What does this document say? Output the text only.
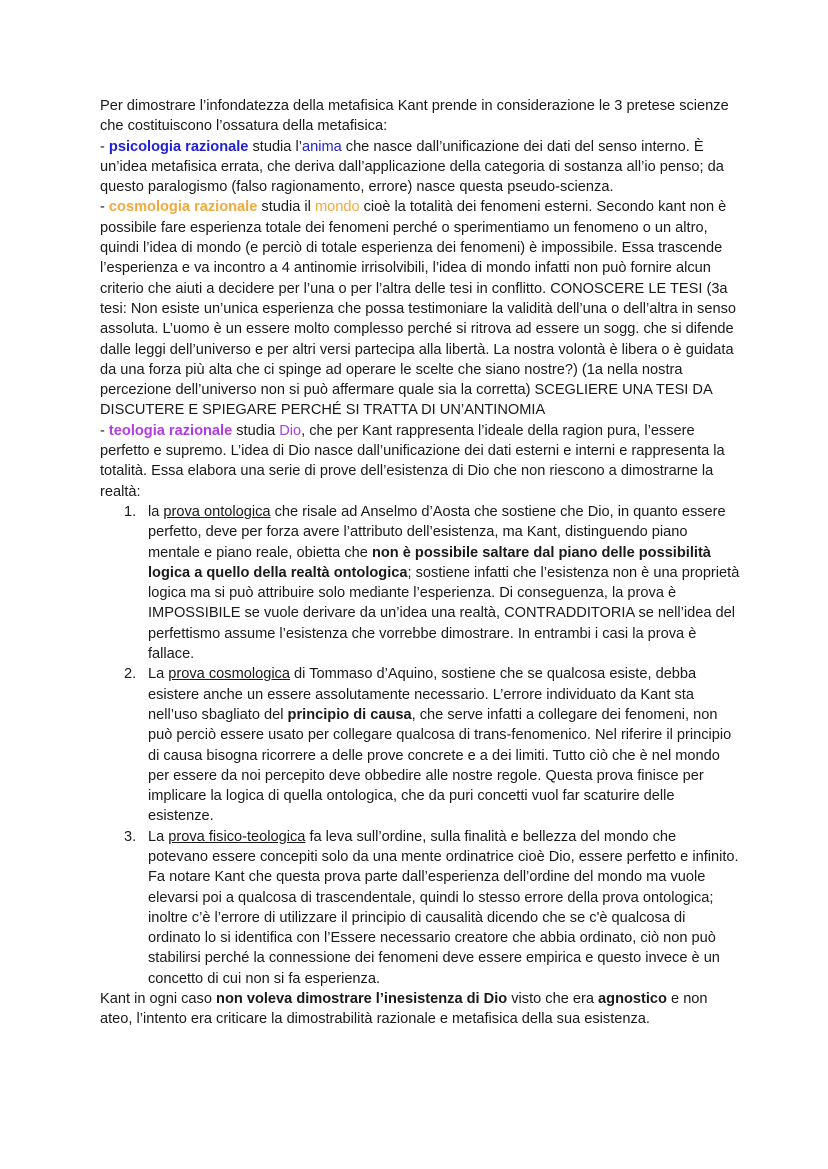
Per dimostrare l’infondatezza della metafisica Kant prende in considerazione le 3 pretese scienze che costituiscono l’ossatura della metafisica:
- psicologia razionale studia l’anima che nasce dall’unificazione dei dati del senso interno. È un’idea metafisica errata, che deriva dall’applicazione della categoria di sostanza all’io penso; da questo paralogismo (falso ragionamento, errore) nasce questa pseudo-scienza.
- cosmologia razionale studia il mondo cioè la totalità dei fenomeni esterni. Secondo kant non è possibile fare esperienza totale dei fenomeni perché o sperimentiamo un fenomeno o un altro, quindi l’idea di mondo (e perciò di totale esperienza dei fenomeni) è impossibile. Essa trascende l’esperienza e va incontro a 4 antinomie irrisolvibili, l’idea di mondo infatti non può fornire alcun criterio che aiuti a decidere per l’una o per l’altra delle tesi in conflitto. CONOSCERE LE TESI (3a tesi: Non esiste un’unica esperienza che possa testimoniare la validità dell’una o dell’altra in senso assoluta. L’uomo è un essere molto complesso perché si ritrova ad essere un sogg. che si difende dalle leggi dell’universo e per altri versi partecipa alla libertà. La nostra volontà è libera o è guidata da una forza più alta che ci spinge ad operare le scelte che siano nostre?) (1a nella nostra percezione dell’universo non si può affermare quale sia la corretta) SCEGLIERE UNA TESI DA DISCUTERE E SPIEGARE PERCHÉ SI TRATTA DI UN’ANTINOMIA
- teologia razionale studia Dio, che per Kant rappresenta l’ideale della ragion pura, l’essere perfetto e supremo. L’idea di Dio nasce dall’unificazione dei dati esterni e interni e rappresenta la totalità. Essa elabora una serie di prove dell’esistenza di Dio che non riescono a dimostrarne la realtà:
1. la prova ontologica che risale ad Anselmo d’Aosta che sostiene che Dio, in quanto essere perfetto, deve per forza avere l’attributo dell’esistenza, ma Kant, distinguendo piano mentale e piano reale, obietta che non è possibile saltare dal piano delle possibilità logica a quello della realtà ontologica; sostiene infatti che l’esistenza non è una proprietà logica ma si può attribuire solo mediante l’esperienza. Di conseguenza, la prova è IMPOSSIBILE se vuole derivare da un’idea una realtà, CONTRADDITORIA se nell’idea del perfettismo assume l’esistenza che vorrebbe dimostrare. In entrambi i casi la prova è fallace.
2. La prova cosmologica di Tommaso d’Aquino, sostiene che se qualcosa esiste, debba esistere anche un essere assolutamente necessario. L’errore individuato da Kant sta nell’uso sbagliato del principio di causa, che serve infatti a collegare dei fenomeni, non può perciò essere usato per collegare qualcosa di trans-fenomenico. Nel riferire il principio di causa bisogna ricorrere a delle prove concrete e a dei limiti. Tutto ciò che è nel mondo per essere da noi percepito deve obbedire alle nostre regole. Questa prova finisce per implicare la logica di quella ontologica, che da puri concetti vuol far scaturire delle esistenze.
3. La prova fisico-teologica fa leva sull’ordine, sulla finalità e bellezza del mondo che potevano essere concepiti solo da una mente ordinatrice cioè Dio, essere perfetto e infinito. Fa notare Kant che questa prova parte dall’esperienza dell’ordine del mondo ma vuole elevarsi poi a qualcosa di trascendentale, quindi lo stesso errore della prova ontologica; inoltre c’è l’errore di utilizzare il principio di causalità dicendo che se c'è qualcosa di ordinato lo si identifica con l’Essere necessario creatore che abbia ordinato, ciò non può stabilirsi perché la connessione dei fenomeni deve essere empirica e questo invece è un concetto di cui non si fa esperienza.
Kant in ogni caso non voleva dimostrare l’inesistenza di Dio visto che era agnostico e non ateo, l’intento era criticare la dimostrabilità razionale e metafisica della sua esistenza.
